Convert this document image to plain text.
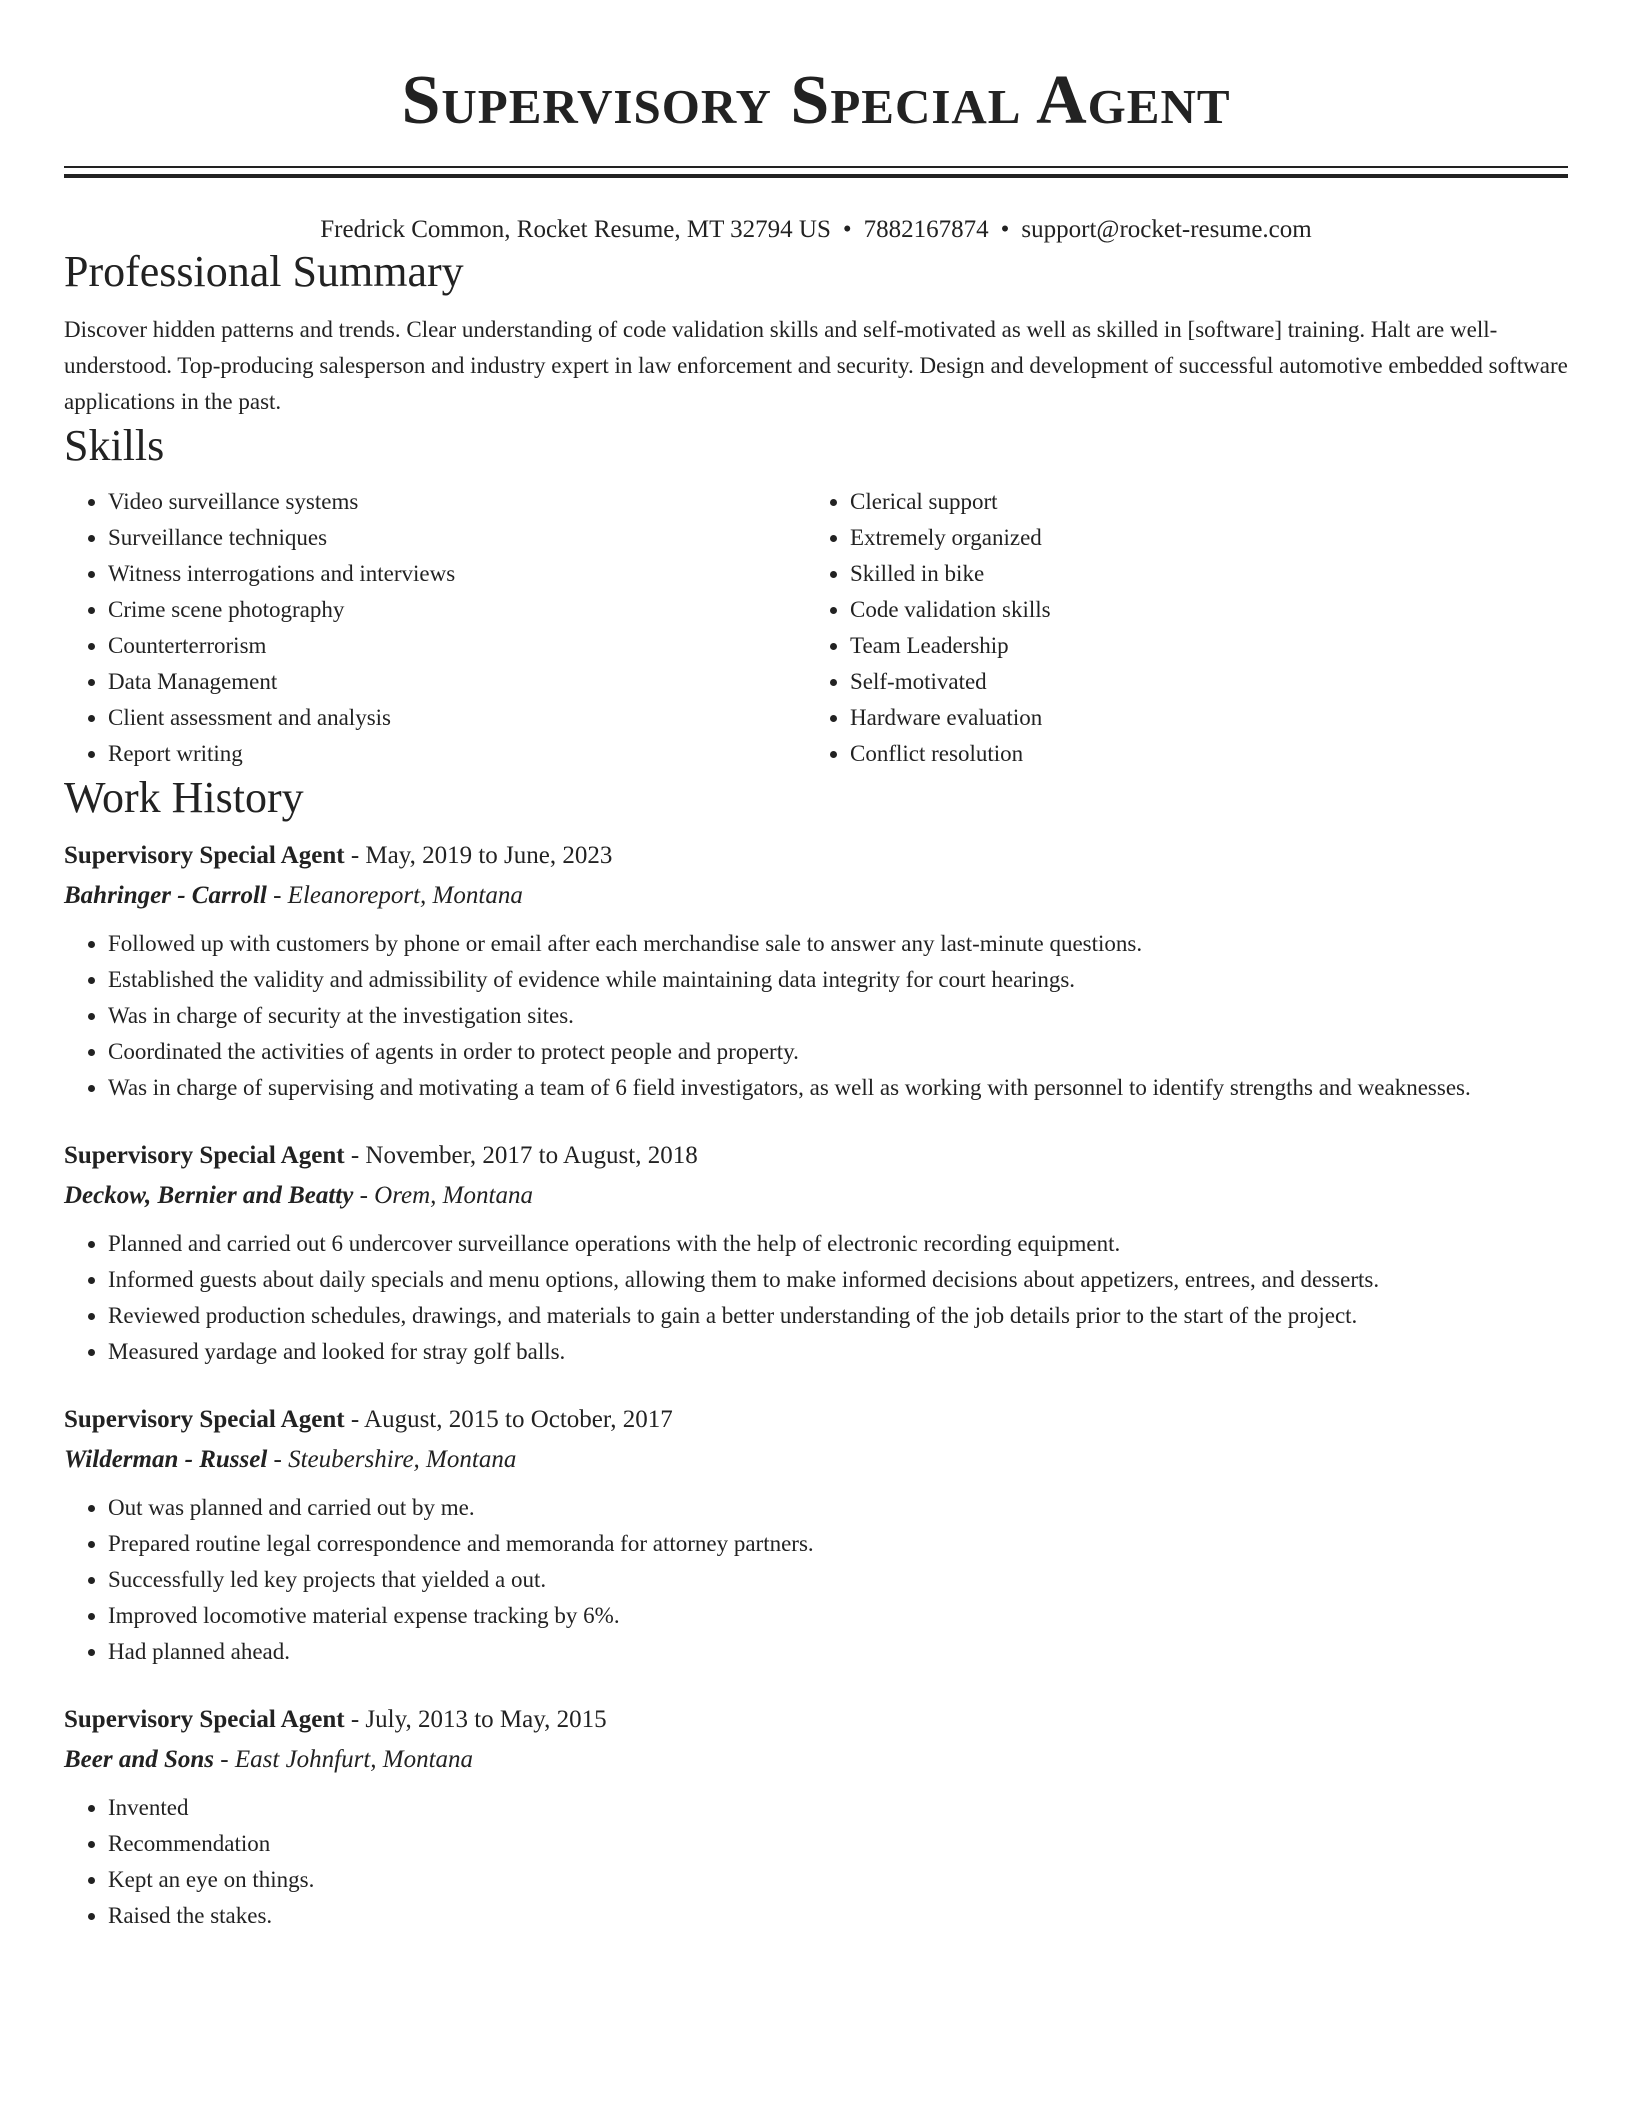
Supervisory Special Agent
Fredrick Common, Rocket Resume, MT 32794 US • 7882167874 • support@rocket-resume.com
Professional Summary

Discover hidden patterns and trends. Clear understanding of code validation skills and self-motivated as well as skilled in [software] training. Halt are well-understood. Top-producing salesperson and industry expert in law enforcement and security. Design and development of successful automotive embedded software applications in the past.

Skills
• Video surveillance systems
• Surveillance techniques
• Witness interrogations and interviews
• Crime scene photography
• Counterterrorism
• Data Management
• Client assessment and analysis
• Report writing
• Clerical support
• Extremely organized
• Skilled in bike
• Code validation skills
• Team Leadership
• Self-motivated
• Hardware evaluation
• Conflict resolution
Work History
Supervisory Special Agent - May, 2019 to June, 2023
Bahringer - Carroll - Eleanoreport, Montana
• Followed up with customers by phone or email after each merchandise sale to answer any last-minute questions.
• Established the validity and admissibility of evidence while maintaining data integrity for court hearings.
• Was in charge of security at the investigation sites.
• Coordinated the activities of agents in order to protect people and property.
• Was in charge of supervising and motivating a team of 6 field investigators, as well as working with personnel to identify strengths and weaknesses.
Supervisory Special Agent - November, 2017 to August, 2018
Deckow, Bernier and Beatty - Orem, Montana
• Planned and carried out 6 undercover surveillance operations with the help of electronic recording equipment.
• Informed guests about daily specials and menu options, allowing them to make informed decisions about appetizers, entrees, and desserts.
• Reviewed production schedules, drawings, and materials to gain a better understanding of the job details prior to the start of the project.
• Measured yardage and looked for stray golf balls.
Supervisory Special Agent - August, 2015 to October, 2017
Wilderman - Russel - Steubershire, Montana
• Out was planned and carried out by me.
• Prepared routine legal correspondence and memoranda for attorney partners.
• Successfully led key projects that yielded a out.
• Improved locomotive material expense tracking by 6%.
• Had planned ahead.
Supervisory Special Agent - July, 2013 to May, 2015
Beer and Sons - East Johnfurt, Montana
• Invented
• Recommendation
• Kept an eye on things.
• Raised the stakes.
